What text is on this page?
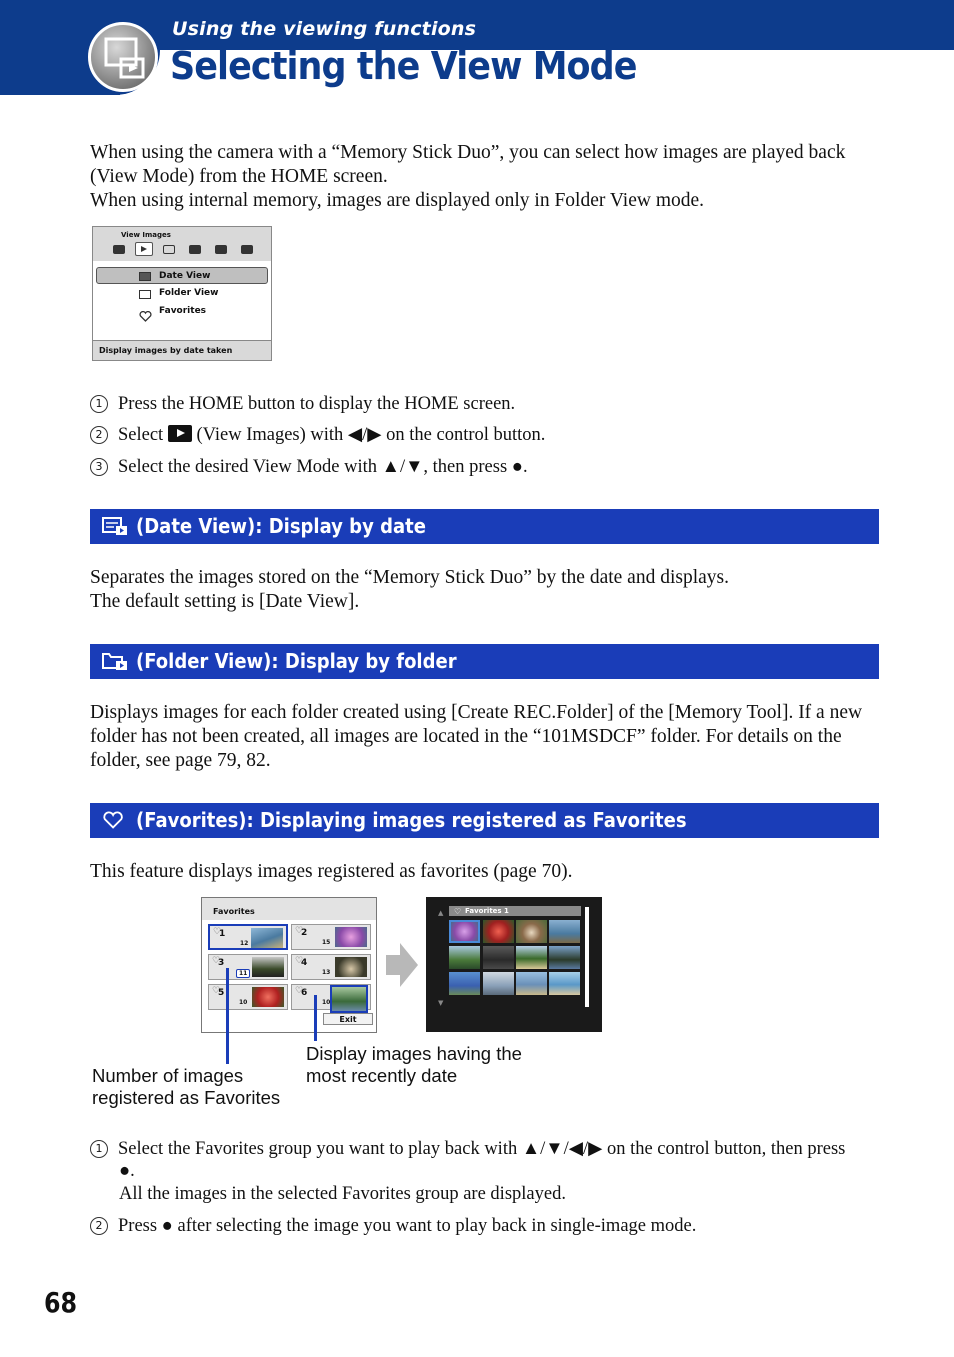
Using the viewing functions
Selecting the View Mode
When using the camera with a “Memory Stick Duo”, you can select how images are played back (View Mode) from the HOME screen.
When using internal memory, images are displayed only in Folder View mode.
View Images
Date View
Folder View
Favorites
Display images by date taken
1 Press the HOME button to display the HOME screen.
2 Select (View Images) with ◀/▶ on the control button.
3 Select the desired View Mode with ▲/▼, then press ●.
(Date View): Display by date
Separates the images stored on the “Memory Stick Duo” by the date and displays.
The default setting is [Date View].
(Folder View): Display by folder
Displays images for each folder created using [Create REC.Folder] of the [Memory Tool]. If a new folder has not been created, all images are located in the “101MSDCF” folder. For details on the folder, see page 79, 82.
(Favorites): Displaying images registered as Favorites
This feature displays images registered as favorites (page 70).
Favorites
♡
1
12
♡
2
15
♡
3
11
♡
4
13
♡
5
10
♡
6
10
Exit
Favorites 1
♡
▲
▼
Display images having the
most recently date
Number of images
registered as Favorites
1 Select the Favorites group you want to play back with ▲/▼/◀/▶ on the control button, then press
●.
All the images in the selected Favorites group are displayed.
2 Press ● after selecting the image you want to play back in single-image mode.
68
